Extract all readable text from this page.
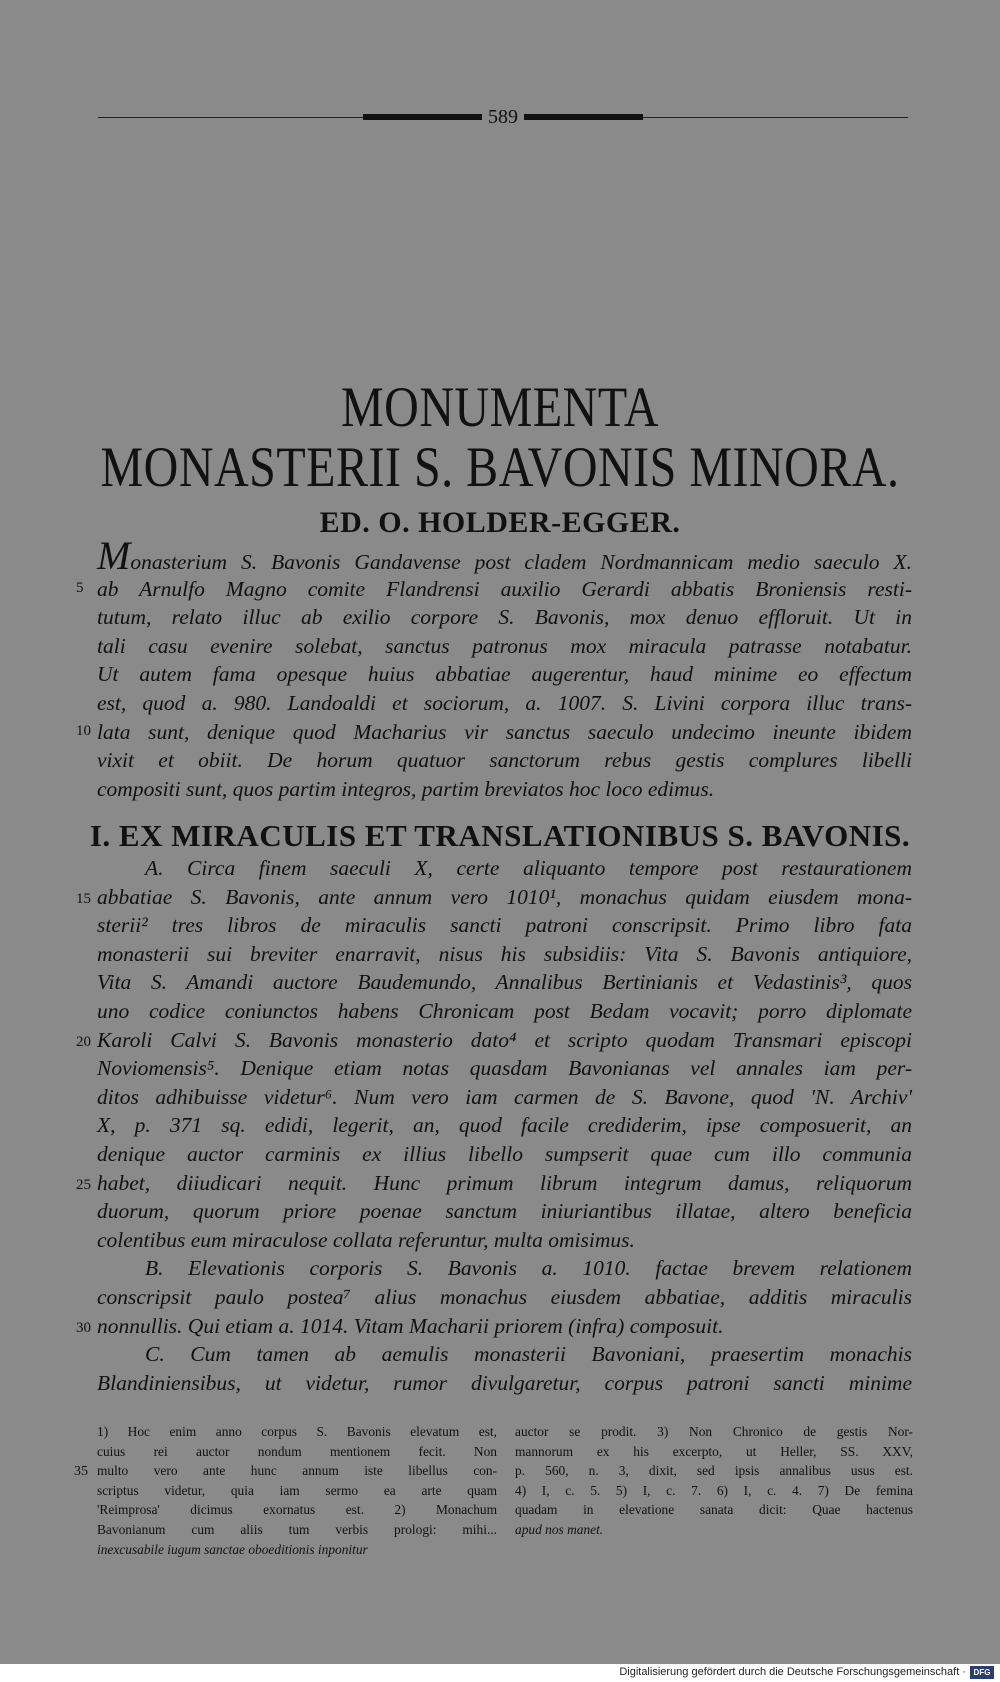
589
MONUMENTA
MONASTERII S. BAVONIS MINORA.
ED. O. HOLDER-EGGER.
Monasterium S. Bavonis Gandavense post cladem Nordmannicam medio saeculo X.
ab Arnulfo Magno comite Flandrensi auxilio Gerardi abbatis Broniensis resti-
tutum, relato illuc ab exilio corpore S. Bavonis, mox denuo effloruit. Ut in
tali casu evenire solebat, sanctus patronus mox miracula patrasse notabatur.
Ut autem fama opesque huius abbatiae augerentur, haud minime eo effectum
est, quod a. 980. Landoaldi et sociorum, a. 1007. S. Livini corpora illuc trans-
lata sunt, denique quod Macharius vir sanctus saeculo undecimo ineunte ibidem
vixit et obiit. De horum quatuor sanctorum rebus gestis complures libelli
compositi sunt, quos partim integros, partim breviatos hoc loco edimus.
I. EX MIRACULIS ET TRANSLATIONIBUS S. BAVONIS.
A. Circa finem saeculi X, certe aliquanto tempore post restaurationem
abbatiae S. Bavonis, ante annum vero 1010¹, monachus quidam eiusdem mona-
sterii² tres libros de miraculis sancti patroni conscripsit. Primo libro fata
monasterii sui breviter enarravit, nisus his subsidiis: Vita S. Bavonis antiquiore,
Vita S. Amandi auctore Baudemundo, Annalibus Bertinianis et Vedastinis³, quos
uno codice coniunctos habens Chronicam post Bedam vocavit; porro diplomate
Karoli Calvi S. Bavonis monasterio dato⁴ et scripto quodam Transmari episcopi
Noviomensis⁵. Denique etiam notas quasdam Bavonianas vel annales iam per-
ditos adhibuisse videtur⁶. Num vero iam carmen de S. Bavone, quod 'N. Archiv'
X, p. 371 sq. edidi, legerit, an, quod facile crediderim, ipse composuerit, an
denique auctor carminis ex illius libello sumpserit quae cum illo communia
habet, diiudicari nequit. Hunc primum librum integrum damus, reliquorum
duorum, quorum priore poenae sanctum iniuriantibus illatae, altero beneficia
colentibus eum miraculose collata referuntur, multa omisimus.
B. Elevationis corporis S. Bavonis a. 1010. factae brevem relationem
conscripsit paulo postea⁷ alius monachus eiusdem abbatiae, additis miraculis
nonnullis. Qui etiam a. 1014. Vitam Macharii priorem (infra) composuit.
C. Cum tamen ab aemulis monasterii Bavoniani, praesertim monachis
Blandiniensibus, ut videtur, rumor divulgaretur, corpus patroni sancti minime
5
10
15
20
25
30
35
1) Hoc enim anno corpus S. Bavonis elevatum est,
cuius rei auctor nondum mentionem fecit. Non
multo vero ante hunc annum iste libellus con-
scriptus videtur, quia iam sermo ea arte quam
'Reimprosa' dicimus exornatus est. 2) Monachum
Bavonianum cum aliis tum verbis prologi: mihi...
inexcusabile iugum sanctae oboeditionis inponitur
auctor se prodit. 3) Non Chronico de gestis Nor-
mannorum ex his excerpto, ut Heller, SS. XXV,
p. 560, n. 3, dixit, sed ipsis annalibus usus est.
4) I, c. 5. 5) I, c. 7. 6) I, c. 4. 7) De femina
quadam in elevatione sanata dicit: Quae hactenus
apud nos manet.
Digitalisierung gefördert durch die Deutsche Forschungsgemeinschaft · DFG
